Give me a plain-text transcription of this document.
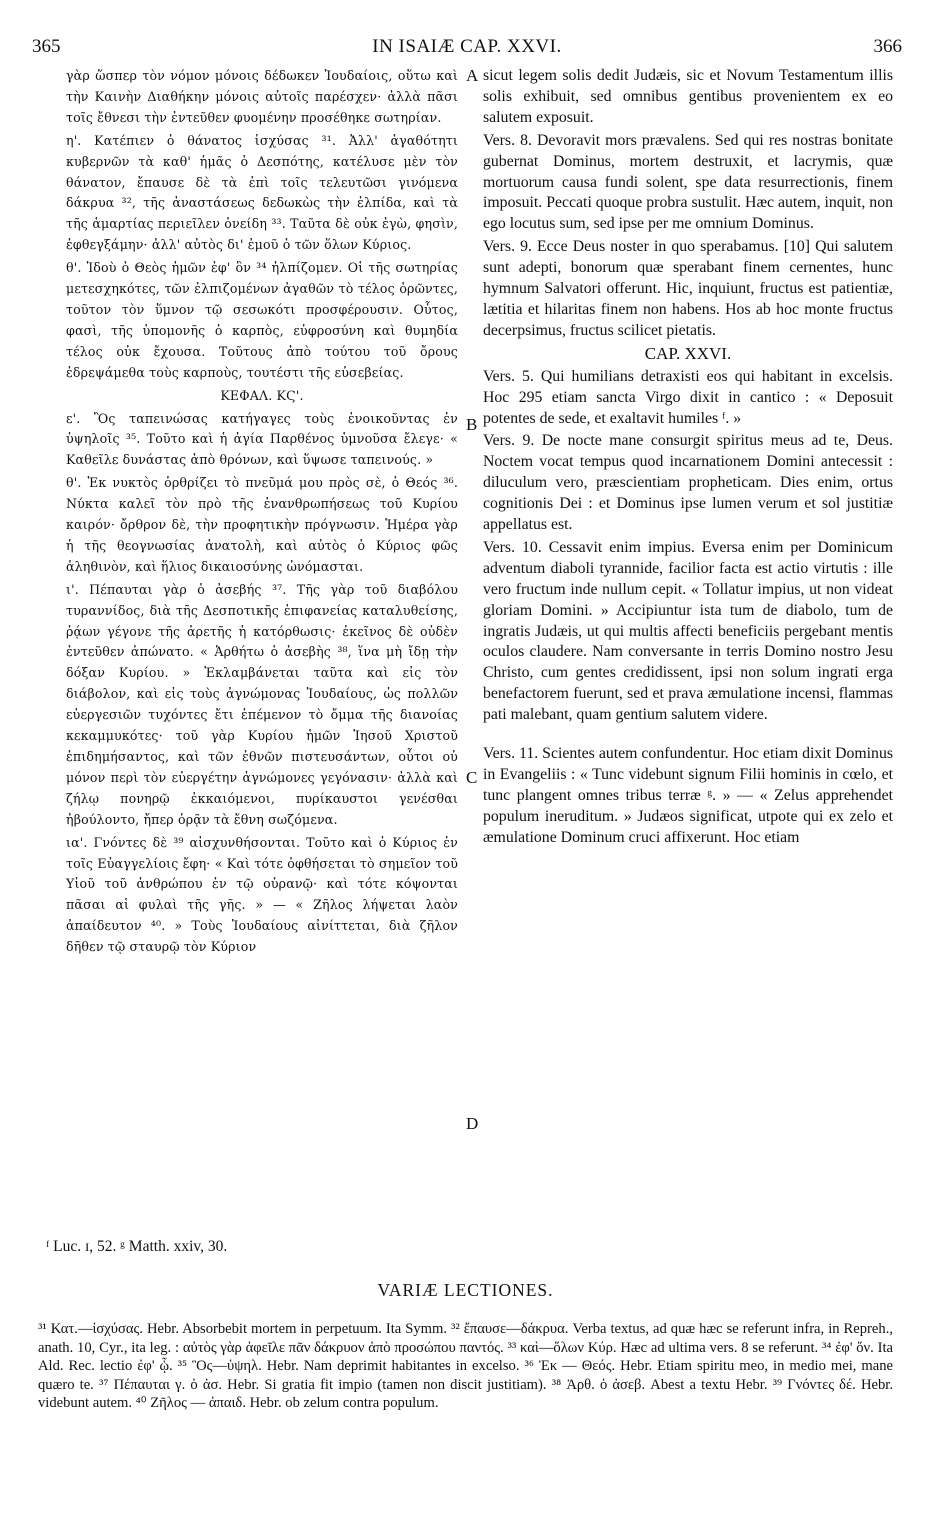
365	IN ISAIÆ CAP. XXVI.	366

γὰρ ὥσπερ τὸν νόμον μόνοις δέδωκεν Ἰουδαίοις, οὕτω καὶ τὴν Καινὴν Διαθήκην μόνοις αὐτοῖς παρέσχεν· ἀλλὰ πᾶσι τοῖς ἔθνεσι τὴν ἐντεῦθεν φυομένην προσέθηκε σωτηρίαν.

η'. Κατέπιεν ὁ θάνατος ἰσχύσας ³¹. Ἀλλ' ἀγαθότητι κυβερνῶν τὰ καθ' ἡμᾶς ὁ Δεσπότης, κατέλυσε μὲν τὸν θάνατον, ἔπαυσε δὲ τὰ ἐπὶ τοῖς τελευτῶσι γινόμενα δάκρυα ³², τῆς ἀναστάσεως δεδωκὼς τὴν ἐλπίδα, καὶ τὰ τῆς ἁμαρτίας περιεῖλεν ὀνείδη ³³. Ταῦτα δὲ οὐκ ἐγὼ, φησὶν, ἐφθεγξάμην· ἀλλ' αὐτὸς δι' ἐμοῦ ὁ τῶν ὅλων Κύριος.

θ'. Ἰδοὺ ὁ Θεὸς ἡμῶν ἐφ' ὃν ³⁴ ἠλπίζομεν. Οἱ τῆς σωτηρίας μετεσχηκότες, τῶν ἐλπιζομένων ἀγαθῶν τὸ τέλος ὁρῶντες, τοῦτον τὸν ὕμνον τῷ σεσωκότι προσφέρουσιν. Οὗτος, φασὶ, τῆς ὑπομονῆς ὁ καρπὸς, εὐφροσύνη καὶ θυμηδία τέλος οὐκ ἔχουσα. Τοῦτους ἀπὸ τούτου τοῦ ὄρους ἐδρεψάμεθα τοὺς καρποὺς, τουτέστι τῆς εὐσεβείας.

ΚΕΦΑΛ. ΚϚ'.

ε'. Ὃς ταπεινώσας κατήγαγες τοὺς ἐνοικοῦντας ἐν ὑψηλοῖς ³⁵. Τοῦτο καὶ ἡ ἁγία Παρθένος ὑμνοῦσα ἔλεγε· « Καθεῖλε δυνάστας ἀπὸ θρόνων, καὶ ὕψωσε ταπεινούς. »

θ'. Ἐκ νυκτὸς ὀρθρίζει τὸ πνεῦμά μου πρὸς σὲ, ὁ Θεός ³⁶. Νύκτα καλεῖ τὸν πρὸ τῆς ἐνανθρωπήσεως τοῦ Κυρίου καιρόν· ὄρθρον δὲ, τὴν προφητικὴν πρόγνωσιν. Ἡμέρα γὰρ ἡ τῆς θεογνωσίας ἀνατολὴ, καὶ αὐτὸς ὁ Κύριος φῶς ἀληθινὸν, καὶ ἥλιος δικαιοσύνης ὠνόμασται.

ι'. Πέπαυται γὰρ ὁ ἀσεβής ³⁷. Τῆς γὰρ τοῦ διαβόλου τυραννίδος, διὰ τῆς Δεσποτικῆς ἐπιφανείας καταλυθείσης, ῥᾴων γέγονε τῆς ἀρετῆς ἡ κατόρθωσις· ἐκεῖνος δὲ οὐδὲν ἐντεῦθεν ἀπώνατο. « Ἀρθήτω ὁ ἀσεβὴς ³⁸, ἵνα μὴ ἴδῃ τὴν δόξαν Κυρίου. » Ἐκλαμβάνεται ταῦτα καὶ εἰς τὸν διάβολον, καὶ εἰς τοὺς ἀγνώμονας Ἰουδαίους, ὡς πολλῶν εὐεργεσιῶν τυχόντες ἔτι ἐπέμενον τὸ ὄμμα τῆς διανοίας κεκαμμυκότες· τοῦ γὰρ Κυρίου ἡμῶν Ἰησοῦ Χριστοῦ ἐπιδημήσαντος, καὶ τῶν ἐθνῶν πιστευσάντων, οὗτοι οὐ μόνον περὶ τὸν εὐεργέτην ἀγνώμονες γεγόνασιν· ἀλλὰ καὶ ζήλῳ πονηρῷ ἐκκαιόμενοι, πυρίκαυστοι γενέσθαι ἠβούλοντο, ἤπερ ὁρᾷν τὰ ἔθνη σωζόμενα.

ια'. Γνόντες δὲ ³⁹ αἰσχυνθήσονται. Τοῦτο καὶ ὁ Κύριος ἐν τοῖς Εὐαγγελίοις ἔφη· « Καὶ τότε ὀφθήσεται τὸ σημεῖον τοῦ Υἱοῦ τοῦ ἀνθρώπου ἐν τῷ οὐρανῷ· καὶ τότε κόψονται πᾶσαι αἱ φυλαὶ τῆς γῆς. » — « Ζῆλος λήψεται λαὸν ἀπαίδευτον ⁴⁰. » Τοὺς Ἰουδαίους αἰνίττεται, διὰ ζῆλον δῆθεν τῷ σταυρῷ τὸν Κύριον

A
B
C
D

sicut legem solis dedit Judæis, sic et Novum Testamentum illis solis exhibuit, sed omnibus gentibus provenientem ex eo salutem exposuit.

Vers. 8. Devoravit mors prævalens. Sed qui res nostras bonitate gubernat Dominus, mortem destruxit, et lacrymis, quæ mortuorum causa fundi solent, spe data resurrectionis, finem imposuit. Peccati quoque probra sustulit. Hæc autem, inquit, non ego locutus sum, sed ipse per me omnium Dominus.

Vers. 9. Ecce Deus noster in quo sperabamus. [10] Qui salutem sunt adepti, bonorum quæ sperabant finem cernentes, hunc hymnum Salvatori offerunt. Hic, inquiunt, fructus est patientiæ, lætitia et hilaritas finem non habens. Hos ab hoc monte fructus decerpsimus, fructus scilicet pietatis.

CAP. XXVI.

Vers. 5. Qui humilians detraxisti eos qui habitant in excelsis. Hoc 295 etiam sancta Virgo dixit in cantico : « Deposuit potentes de sede, et exaltavit humiles ᶠ. »

Vers. 9. De nocte mane consurgit spiritus meus ad te, Deus. Noctem vocat tempus quod incarnationem Domini antecessit : diluculum vero, præscientiam propheticam. Dies enim, ortus cognitionis Dei : et Dominus ipse lumen verum et sol justitiæ appellatus est.

Vers. 10. Cessavit enim impius. Eversa enim per Dominicum adventum diaboli tyrannide, facilior facta est actio virtutis : ille vero fructum inde nullum cepit. « Tollatur impius, ut non videat gloriam Domini. » Accipiuntur ista tum de diabolo, tum de ingratis Judæis, ut qui multis affecti beneficiis pergebant mentis oculos claudere. Nam conversante in terris Domino nostro Jesu Christo, cum gentes credidissent, ipsi non solum ingrati erga benefactorem fuerunt, sed et prava æmulatione incensi, flammas pati malebant, quam gentium salutem videre.

Vers. 11. Scientes autem confundentur. Hoc etiam dixit Dominus in Evangeliis : « Tunc videbunt signum Filii hominis in cœlo, et tunc plangent omnes tribus terræ ᵍ. » — « Zelus apprehendet populum ineruditum. » Judæos significat, utpote qui ex zelo et æmulatione Dominum cruci affixerunt. Hoc etiam

ᶠ Luc. ɪ, 52. ᵍ Matth. xxiv, 30.
VARIÆ LECTIONES.

³¹ Κατ.—ἰσχύσας. Hebr. Absorbebit mortem in perpetuum. Ita Symm. ³² ἔπαυσε—δάκρυα. Verba textus, ad quæ hæc se referunt infra, in Repreh., anath. 10, Cyr., ita leg. : αὐτὸς γὰρ ἀφεῖλε πᾶν δάκρυον ἀπὸ προσώπου παντός. ³³ καὶ—ὅλων Κύρ. Hæc ad ultima vers. 8 se referunt. ³⁴ ἐφ' ὅν. Ita Ald. Rec. lectio ἐφ' ᾧ. ³⁵ Ὃς—ὑψηλ. Hebr. Nam deprimit habitantes in excelso. ³⁶ Ἐκ — Θεός. Hebr. Etiam spiritu meo, in medio mei, mane quæro te. ³⁷ Πέπαυται γ. ὁ ἀσ. Hebr. Si gratia fit impio (tamen non discit justitiam). ³⁸ Ἀρθ. ὁ ἀσεβ. Abest a textu Hebr. ³⁹ Γνόντες δέ. Hebr. videbunt autem. ⁴⁰ Ζῆλος — ἀπαιδ. Hebr. ob zelum contra populum.
